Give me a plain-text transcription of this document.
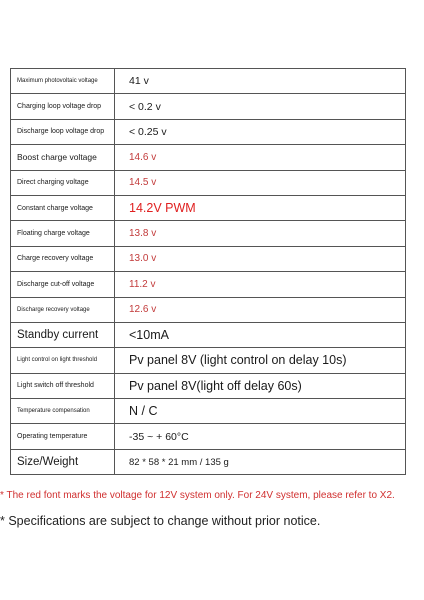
Maximum photovoltaic voltage	41 v
Charging loop voltage drop	< 0.2 v
Discharge loop voltage drop	< 0.25 v
Boost charge voltage	14.6 v
Direct charging voltage	14.5 v
Constant charge voltage	14.2V PWM
Floating charge voltage	13.8 v
Charge recovery voltage	13.0 v
Discharge cut-off voltage	11.2 v
Discharge recovery voltage	12.6 v
Standby current	<10mA
Light control on light threshold	Pv panel 8V (light control on delay 10s)
Light switch off threshold	Pv panel 8V(light off delay 60s)
Temperature compensation	N / C
Operating temperature	-35 ~ + 60°C
Size/Weight	82 * 58 * 21 mm / 135 g
* The red font marks the voltage for 12V system only. For 24V system, please refer to X2.
* Specifications are subject to change without prior notice.
